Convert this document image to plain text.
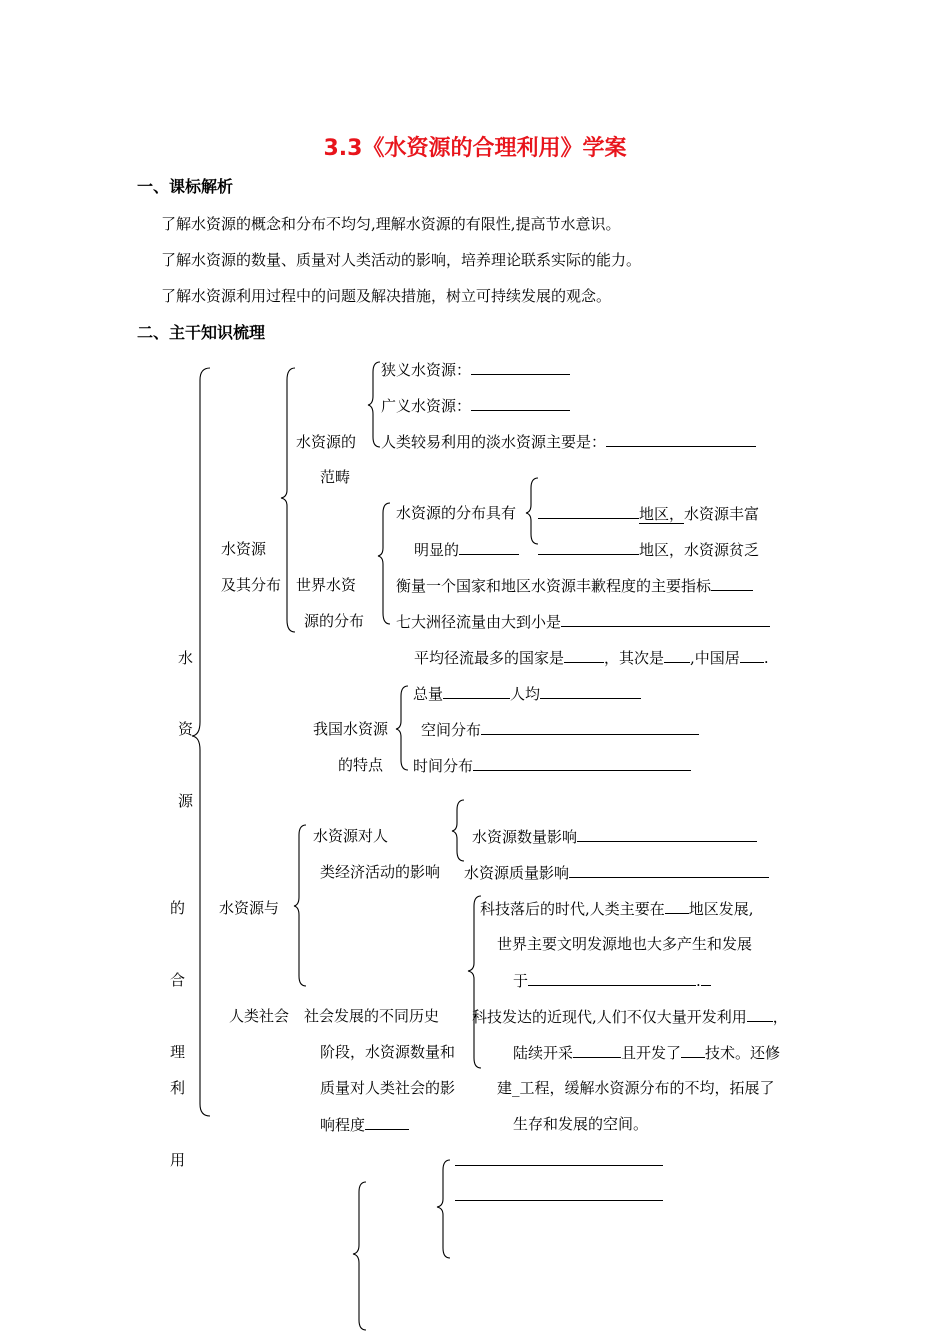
3.3《水资源的合理利用》学案
一、课标解析
了解水资源的概念和分布不均匀,理解水资源的有限性,提高节水意识。
了解水资源的数量、质量对人类活动的影响，培养理论联系实际的能力。
了解水资源利用过程中的问题及解决措施，树立可持续发展的观念。
二、主干知识梳理
水
资
源
的
合
理
利
用
水资源
及其分布
水资源的
范畴
狭义水资源：
广义水资源：
人类较易利用的淡水资源主要是：
世界水资
源的分布
水资源的分布具有
明显的
地区，水资源丰富
地区，水资源贫乏
衡量一个国家和地区水资源丰歉程度的主要指标
七大洲径流量由大到小是
平均径流最多的国家是	，其次是 ,中国居 .
我国水资源
的特点
总量	人均
空间分布
时间分布
水资源与
人类社会
水资源对人
类经济活动的影响
水资源数量影响
水资源质量影响
社会发展的不同历史
阶段，水资源数量和
质量对人类社会的影
响程度
科技落后的时代,人类主要在 地区发展,
世界主要文明发源地也大多产生和发展
于	.
科技发达的近现代,人们不仅大量开发利用 ，
陆续开采	且开发了 技术。还修
建_工程，缓解水资源分布的不均，拓展了
生存和发展的空间。
